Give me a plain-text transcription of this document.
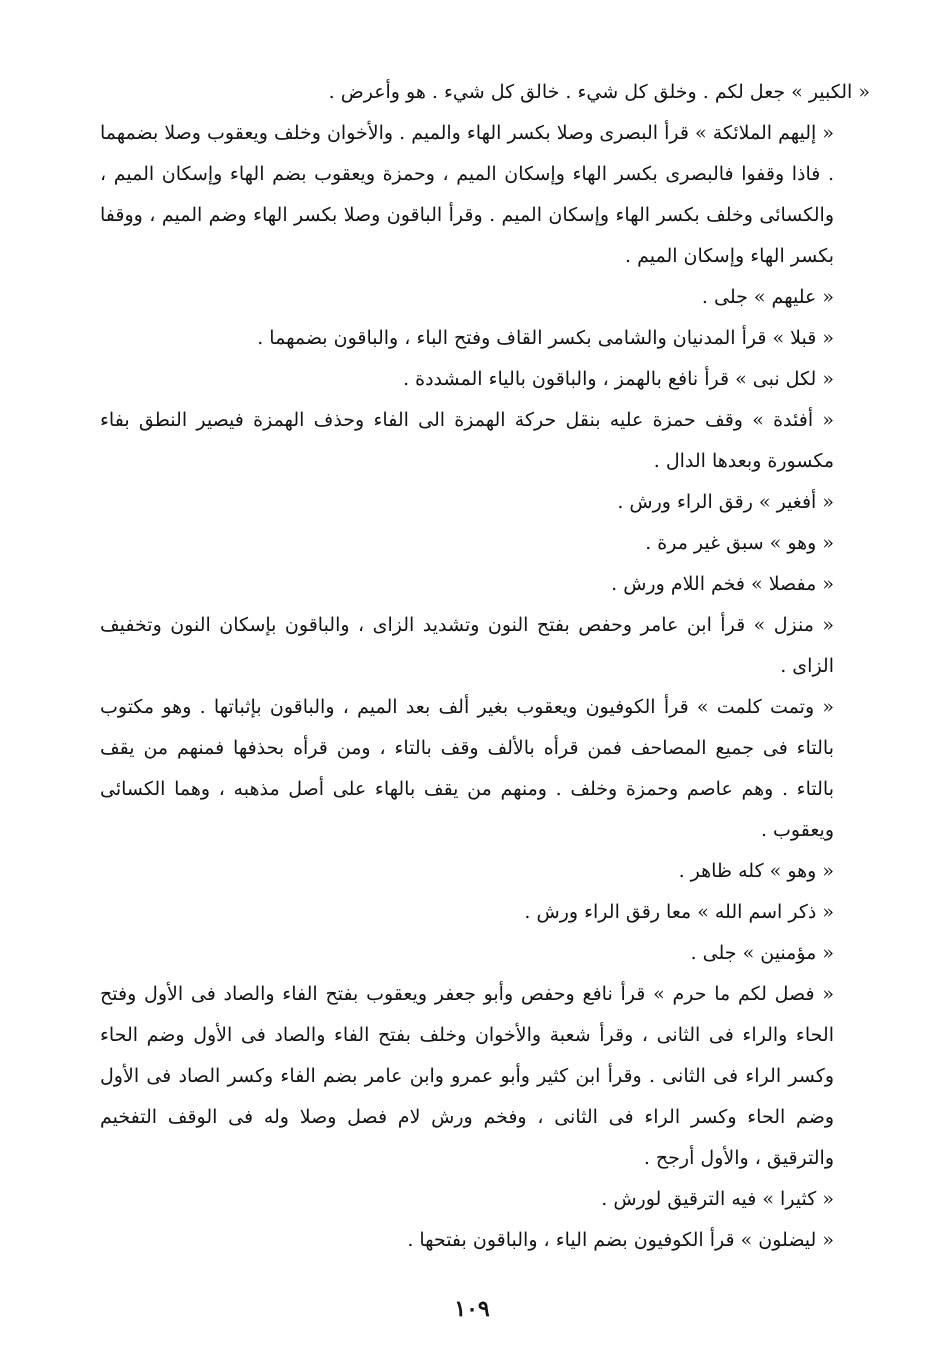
« الكبير » جعل لكم . وخلق كل شيء . خالق كل شيء . هو وأعرض .

« إليهم الملائكة » قرأ البصرى وصلا بكسر الهاء والميم . والأخوان وخلف ويعقوب وصلا بضمهما . فاذا وقفوا فالبصرى بكسر الهاء وإسكان الميم ، وحمزة ويعقوب بضم الهاء وإسكان الميم ، والكسائى وخلف بكسر الهاء وإسكان الميم . وقرأ الباقون وصلا بكسر الهاء وضم الميم ، ووقفا بكسر الهاء وإسكان الميم .

« عليهم » جلى .

« قبلا » قرأ المدنيان والشامى بكسر القاف وفتح الباء ، والباقون بضمهما .

« لكل نبى » قرأ نافع بالهمز ، والباقون بالياء المشددة .

« أفئدة » وقف حمزة عليه بنقل حركة الهمزة الى الفاء وحذف الهمزة فيصير النطق بفاء مكسورة وبعدها الدال .

« أفغير » رقق الراء ورش .

« وهو » سبق غير مرة .

« مفصلا » فخم اللام ورش .

« منزل » قرأ ابن عامر وحفص بفتح النون وتشديد الزاى ، والباقون بإسكان النون وتخفيف الزاى .

« وتمت كلمت » قرأ الكوفيون ويعقوب بغير ألف بعد الميم ، والباقون بإثباتها . وهو مكتوب بالتاء فى جميع المصاحف فمن قرأه بالألف وقف بالتاء ، ومن قرأه بحذفها فمنهم من يقف بالتاء . وهم عاصم وحمزة وخلف . ومنهم من يقف بالهاء على أصل مذهبه ، وهما الكسائى ويعقوب .

« وهو » كله ظاهر .

« ذكر اسم الله » معا رقق الراء ورش .

« مؤمنين » جلى .

« فصل لكم ما حرم » قرأ نافع وحفص وأبو جعفر ويعقوب بفتح الفاء والصاد فى الأول وفتح الحاء والراء فى الثانى ، وقرأ شعبة والأخوان وخلف بفتح الفاء والصاد فى الأول وضم الحاء وكسر الراء فى الثانى . وقرأ ابن كثير وأبو عمرو وابن عامر بضم الفاء وكسر الصاد فى الأول وضم الحاء وكسر الراء فى الثانى ، وفخم ورش لام فصل وصلا وله فى الوقف التفخيم والترقيق ، والأول أرجح .

« كثيرا » فيه الترقيق لورش .

« ليضلون » قرأ الكوفيون بضم الياء ، والباقون بفتحها .

١٠٩
